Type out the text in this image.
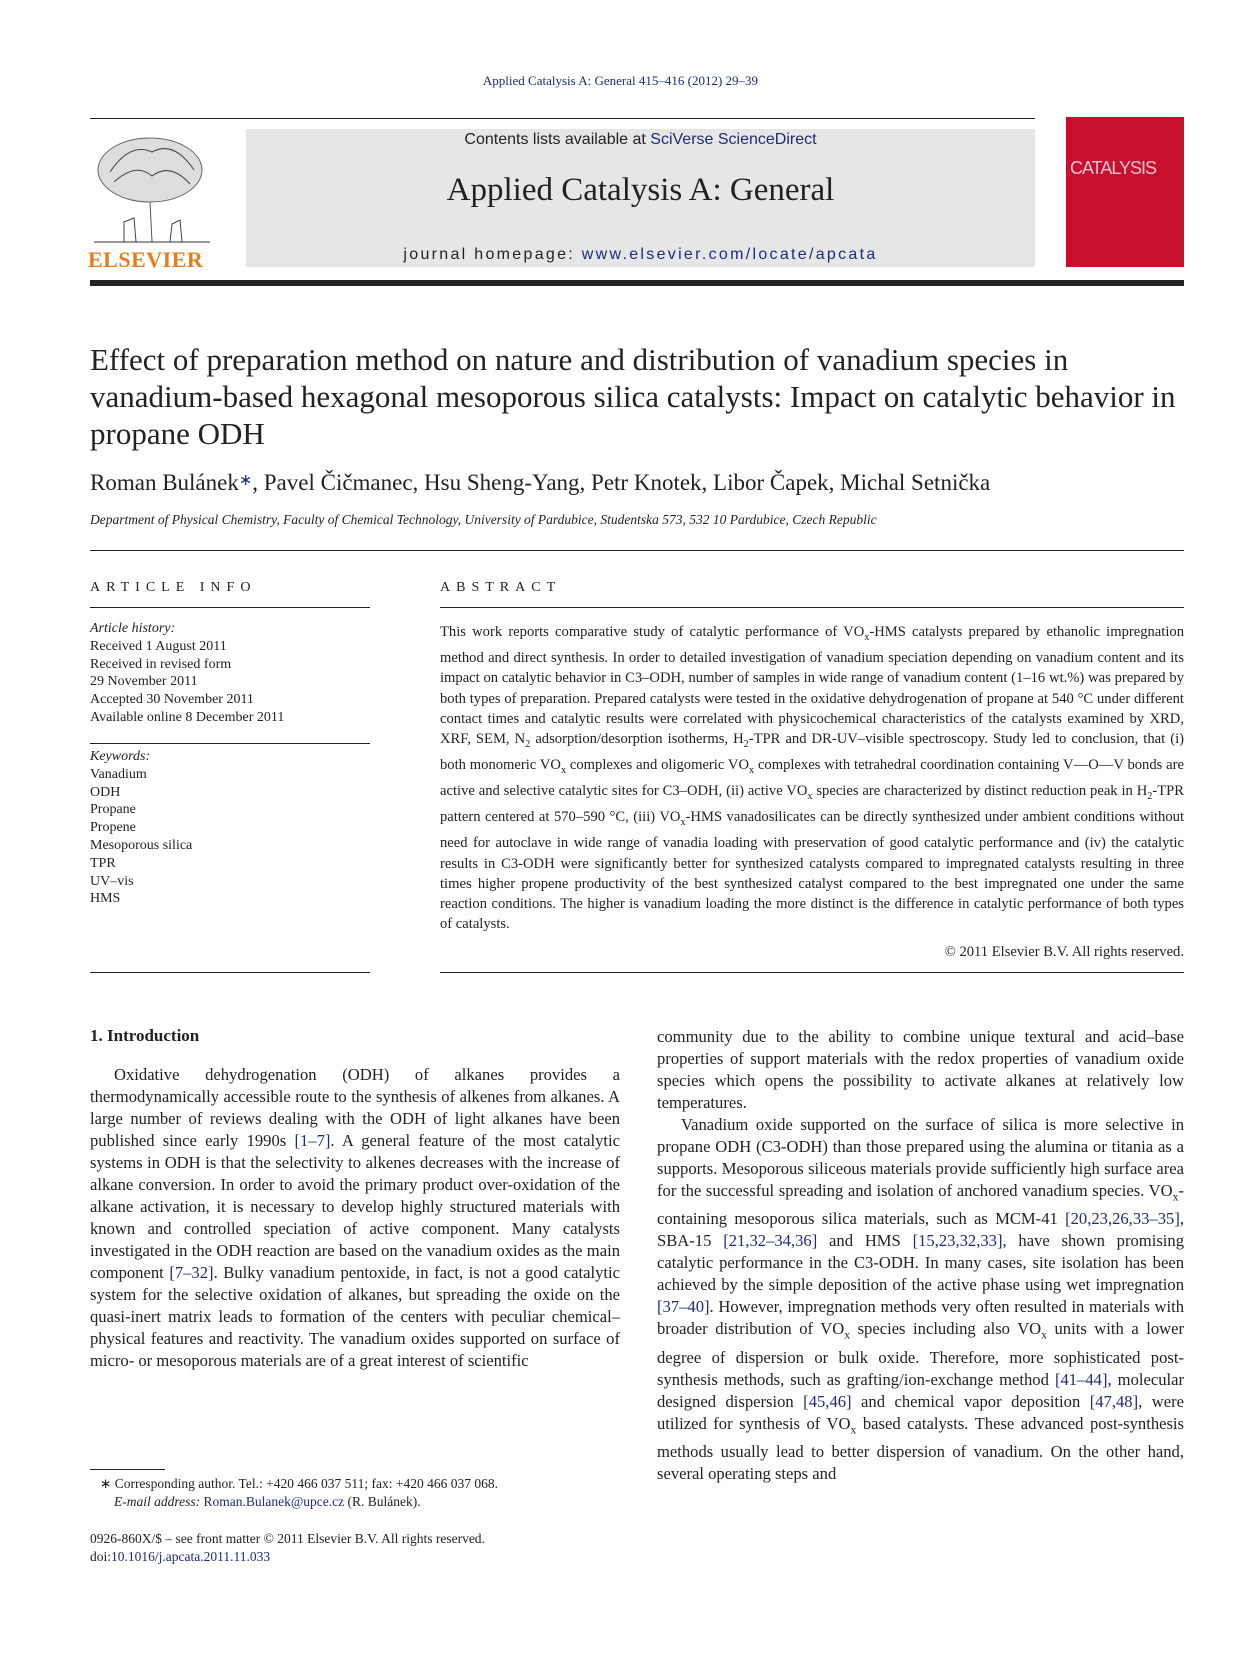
Applied Catalysis A: General 415–416 (2012) 29–39
ELSEVIER
Contents lists available at SciVerse ScienceDirect
Applied Catalysis A: General
journal homepage: www.elsevier.com/locate/apcata
CATALYSIS
Effect of preparation method on nature and distribution of vanadium species in vanadium-based hexagonal mesoporous silica catalysts: Impact on catalytic behavior in propane ODH
Roman Bulánek∗, Pavel Čičmanec, Hsu Sheng-Yang, Petr Knotek, Libor Čapek, Michal Setnička
Department of Physical Chemistry, Faculty of Chemical Technology, University of Pardubice, Studentska 573, 532 10 Pardubice, Czech Republic
ARTICLE INFO	ABSTRACT
Article history:
Received 1 August 2011
Received in revised form
29 November 2011
Accepted 30 November 2011
Available online 8 December 2011
Keywords:
Vanadium
ODH
Propane
Propene
Mesoporous silica
TPR
UV–vis
HMS
This work reports comparative study of catalytic performance of $VO_x$-HMS catalysts prepared by ethanolic impregnation method and direct synthesis. In order to detailed investigation of vanadium speciation depending on vanadium content and its impact on catalytic behavior in C3–ODH, number of samples in wide range of vanadium content (1–16 wt.%) was prepared by both types of preparation. Prepared catalysts were tested in the oxidative dehydrogenation of propane at 540 °C under different contact times and catalytic results were correlated with physicochemical characteristics of the catalysts examined by XRD, XRF, SEM, $N_2$ adsorption/desorption isotherms, $H_2$-TPR and DR-UV–visible spectroscopy. Study led to conclusion, that (i) both monomeric $VO_x$ complexes and oligomeric $VO_x$ complexes with tetrahedral coordination containing V—O—V bonds are active and selective catalytic sites for C3–ODH, (ii) active $VO_x$ species are characterized by distinct reduction peak in $H_2$-TPR pattern centered at 570–590 °C, (iii) $VO_x$-HMS vanadosilicates can be directly synthesized under ambient conditions without need for autoclave in wide range of vanadia loading with preservation of good catalytic performance and (iv) the catalytic results in C3-ODH were significantly better for synthesized catalysts compared to impregnated catalysts resulting in three times higher propene productivity of the best synthesized catalyst compared to the best impregnated one under the same reaction conditions. The higher is vanadium loading the more distinct is the difference in catalytic performance of both types of catalysts.
© 2011 Elsevier B.V. All rights reserved.
1. Introduction

Oxidative dehydrogenation (ODH) of alkanes provides a thermodynamically accessible route to the synthesis of alkenes from alkanes. A large number of reviews dealing with the ODH of light alkanes have been published since early 1990s [1–7]. A general feature of the most catalytic systems in ODH is that the selectivity to alkenes decreases with the increase of alkane conversion. In order to avoid the primary product over-oxidation of the alkane activation, it is necessary to develop highly structured materials with known and controlled speciation of active component. Many catalysts investigated in the ODH reaction are based on the vanadium oxides as the main component [7–32]. Bulky vanadium pentoxide, in fact, is not a good catalytic system for the selective oxidation of alkanes, but spreading the oxide on the quasi-inert matrix leads to formation of the centers with peculiar chemical–physical features and reactivity. The vanadium oxides supported on surface of micro- or mesoporous materials are of a great interest of scientific

community due to the ability to combine unique textural and acid–base properties of support materials with the redox properties of vanadium oxide species which opens the possibility to activate alkanes at relatively low temperatures.

Vanadium oxide supported on the surface of silica is more selective in propane ODH (C3-ODH) than those prepared using the alumina or titania as a supports. Mesoporous siliceous materials provide sufficiently high surface area for the successful spreading and isolation of anchored vanadium species. $VO_x$-containing mesoporous silica materials, such as MCM-41 [20,23,26,33–35], SBA-15 [21,32–34,36] and HMS [15,23,32,33], have shown promising catalytic performance in the C3-ODH. In many cases, site isolation has been achieved by the simple deposition of the active phase using wet impregnation [37–40]. However, impregnation methods very often resulted in materials with broader distribution of $VO_x$ species including also $VO_x$ units with a lower degree of dispersion or bulk oxide. Therefore, more sophisticated post-synthesis methods, such as grafting/ion-exchange method [41–44], molecular designed dispersion [45,46] and chemical vapor deposition [47,48], were utilized for synthesis of $VO_x$ based catalysts. These advanced post-synthesis methods usually lead to better dispersion of vanadium. On the other hand, several operating steps and

∗ Corresponding author. Tel.: +420 466 037 511; fax: +420 466 037 068.
E-mail address: Roman.Bulanek@upce.cz (R. Bulánek).
0926-860X/$ – see front matter © 2011 Elsevier B.V. All rights reserved.
doi:10.1016/j.apcata.2011.11.033
